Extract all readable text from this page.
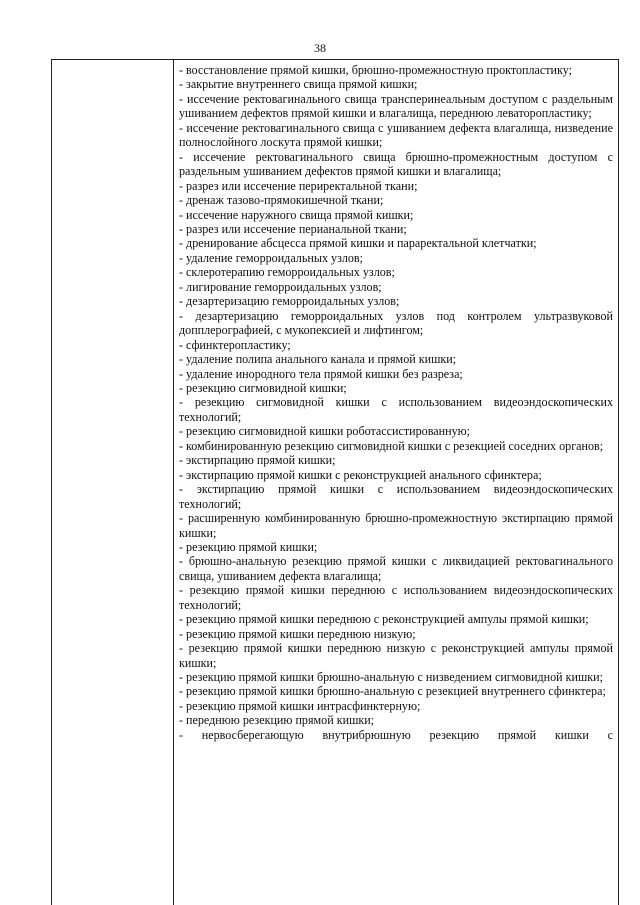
38
- восстановление прямой кишки, брюшно-промежностную проктопластику;
- закрытие внутреннего свища прямой кишки;
- иссечение ректовагинального свища трансперинеальным доступом с раздельным ушиванием дефектов прямой кишки и влагалища, переднюю леваторопластику;
- иссечение ректовагинального свища с ушиванием дефекта влагалища, низведение полнослойного лоскута прямой кишки;
- иссечение ректовагинального свища брюшно-промежностным доступом с раздельным ушиванием дефектов прямой кишки и влагалища;
- разрез или иссечение периректальной ткани;
- дренаж тазово-прямокишечной ткани;
- иссечение наружного свища прямой кишки;
- разрез или иссечение перианальной ткани;
- дренирование абсцесса прямой кишки и параректальной клетчатки;
- удаление геморроидальных узлов;
- склеротерапию геморроидальных узлов;
- лигирование геморроидальных узлов;
- дезартеризацию геморроидальных узлов;
- дезартеризацию геморроидальных узлов под контролем ультразвуковой допплерографией, с мукопексией и лифтингом;
- сфинктеропластику;
- удаление полипа анального канала и прямой кишки;
- удаление инородного тела прямой кишки без разреза;
- резекцию сигмовидной кишки;
- резекцию сигмовидной кишки с использованием видеоэндоскопических технологий;
- резекцию сигмовидной кишки роботассистированную;
- комбинированную резекцию сигмовидной кишки с резекцией соседних органов;
- экстирпацию прямой кишки;
- экстирпацию прямой кишки с реконструкцией анального сфинктера;
- экстирпацию прямой кишки с использованием видеоэндоскопических технологий;
- расширенную комбинированную брюшно-промежностную экстирпацию прямой кишки;
- резекцию прямой кишки;
- брюшно-анальную резекцию прямой кишки с ликвидацией ректовагинального свища, ушиванием дефекта влагалища;
- резекцию прямой кишки переднюю с использованием видеоэндоскопических технологий;
- резекцию прямой кишки переднюю с реконструкцией ампулы прямой кишки;
- резекцию прямой кишки переднюю низкую;
- резекцию прямой кишки переднюю низкую с реконструкцией ампулы прямой кишки;
- резекцию прямой кишки брюшно-анальную с низведением сигмовидной кишки;
- резекцию прямой кишки брюшно-анальную с резекцией внутреннего сфинктера;
- резекцию прямой кишки интрасфинктерную;
- переднюю резекцию прямой кишки;
- нервосберегающую внутрибрюшную резекцию прямой кишки с
